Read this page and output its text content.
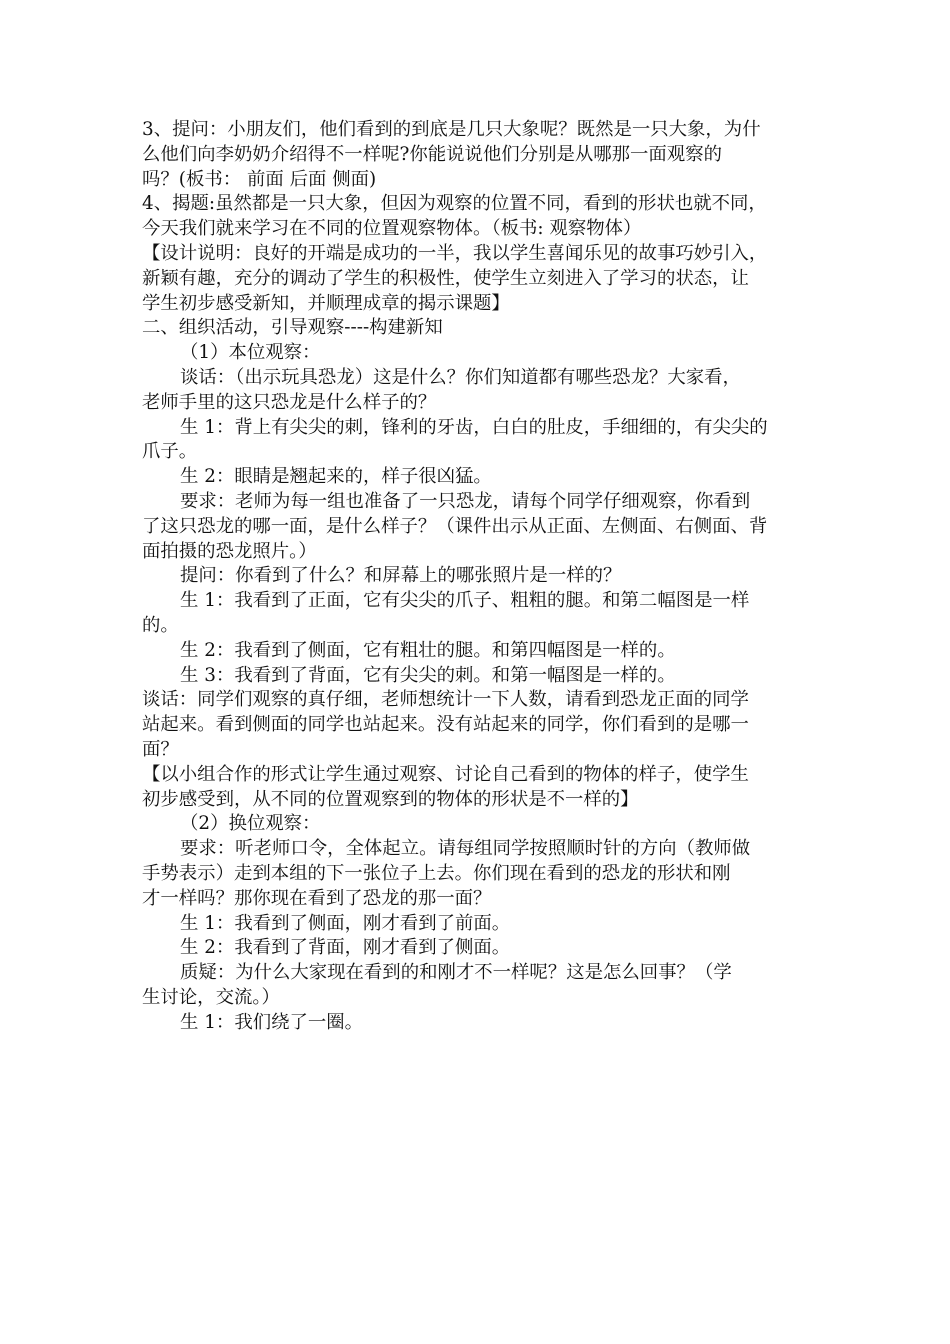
3、提问：小朋友们，他们看到的到底是几只大象呢？既然是一只大象，为什
么他们向李奶奶介绍得不一样呢?你能说说他们分别是从哪那一面观察的
吗？(板书： 前面 后面 侧面)
4、揭题:虽然都是一只大象，但因为观察的位置不同，看到的形状也就不同，
今天我们就来学习在不同的位置观察物体。（板书: 观察物体）
【设计说明：良好的开端是成功的一半，我以学生喜闻乐见的故事巧妙引入，
新颖有趣，充分的调动了学生的积极性，使学生立刻进入了学习的状态，让
学生初步感受新知，并顺理成章的揭示课题】
二、组织活动，引导观察----构建新知
（1）本位观察：
谈话：（出示玩具恐龙）这是什么？你们知道都有哪些恐龙？大家看，
老师手里的这只恐龙是什么样子的？
生 1：背上有尖尖的刺，锋利的牙齿，白白的肚皮，手细细的，有尖尖的
爪子。
生 2：眼睛是翘起来的，样子很凶猛。
要求：老师为每一组也准备了一只恐龙，请每个同学仔细观察，你看到
了这只恐龙的哪一面，是什么样子？（课件出示从正面、左侧面、右侧面、背
面拍摄的恐龙照片。）
提问：你看到了什么？和屏幕上的哪张照片是一样的？
生 1：我看到了正面，它有尖尖的爪子、粗粗的腿。和第二幅图是一样
的。
生 2：我看到了侧面，它有粗壮的腿。和第四幅图是一样的。
生 3：我看到了背面，它有尖尖的刺。和第一幅图是一样的。
谈话：同学们观察的真仔细，老师想统计一下人数，请看到恐龙正面的同学
站起来。看到侧面的同学也站起来。没有站起来的同学，你们看到的是哪一
面？
【以小组合作的形式让学生通过观察、讨论自己看到的物体的样子，使学生
初步感受到，从不同的位置观察到的物体的形状是不一样的】
（2）换位观察：
要求：听老师口令，全体起立。请每组同学按照顺时针的方向（教师做
手势表示）走到本组的下一张位子上去。你们现在看到的恐龙的形状和刚
才一样吗？那你现在看到了恐龙的那一面？
生 1：我看到了侧面，刚才看到了前面。
生 2：我看到了背面，刚才看到了侧面。
质疑：为什么大家现在看到的和刚才不一样呢？这是怎么回事？（学
生讨论，交流。）
生 1：我们绕了一圈。
